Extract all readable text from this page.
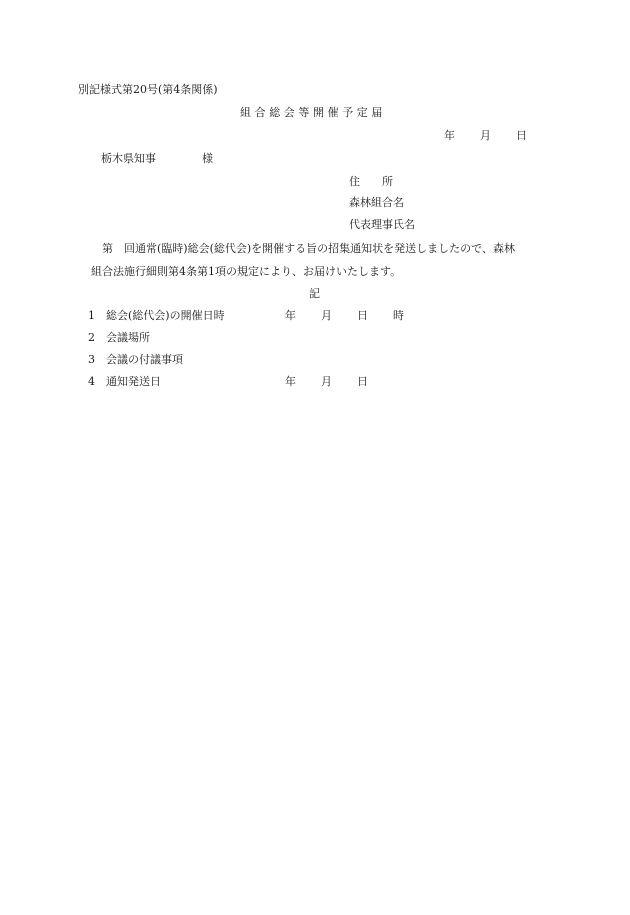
別記様式第20号(第4条関係)
組合総会等開催予定届
年 月 日
栃木県知事	様
住 所
森林組合名
代表理事氏名
第　回通常(臨時)総会(総代会)を開催する旨の招集通知状を発送しましたので、森林
組合法施行細則第4条第1項の規定により、お届けいたします。
記
1 総会(総代会)の開催日時
2 会議場所
3 会議の付議事項
4 通知発送日
年 月 日 時
年 月 日
